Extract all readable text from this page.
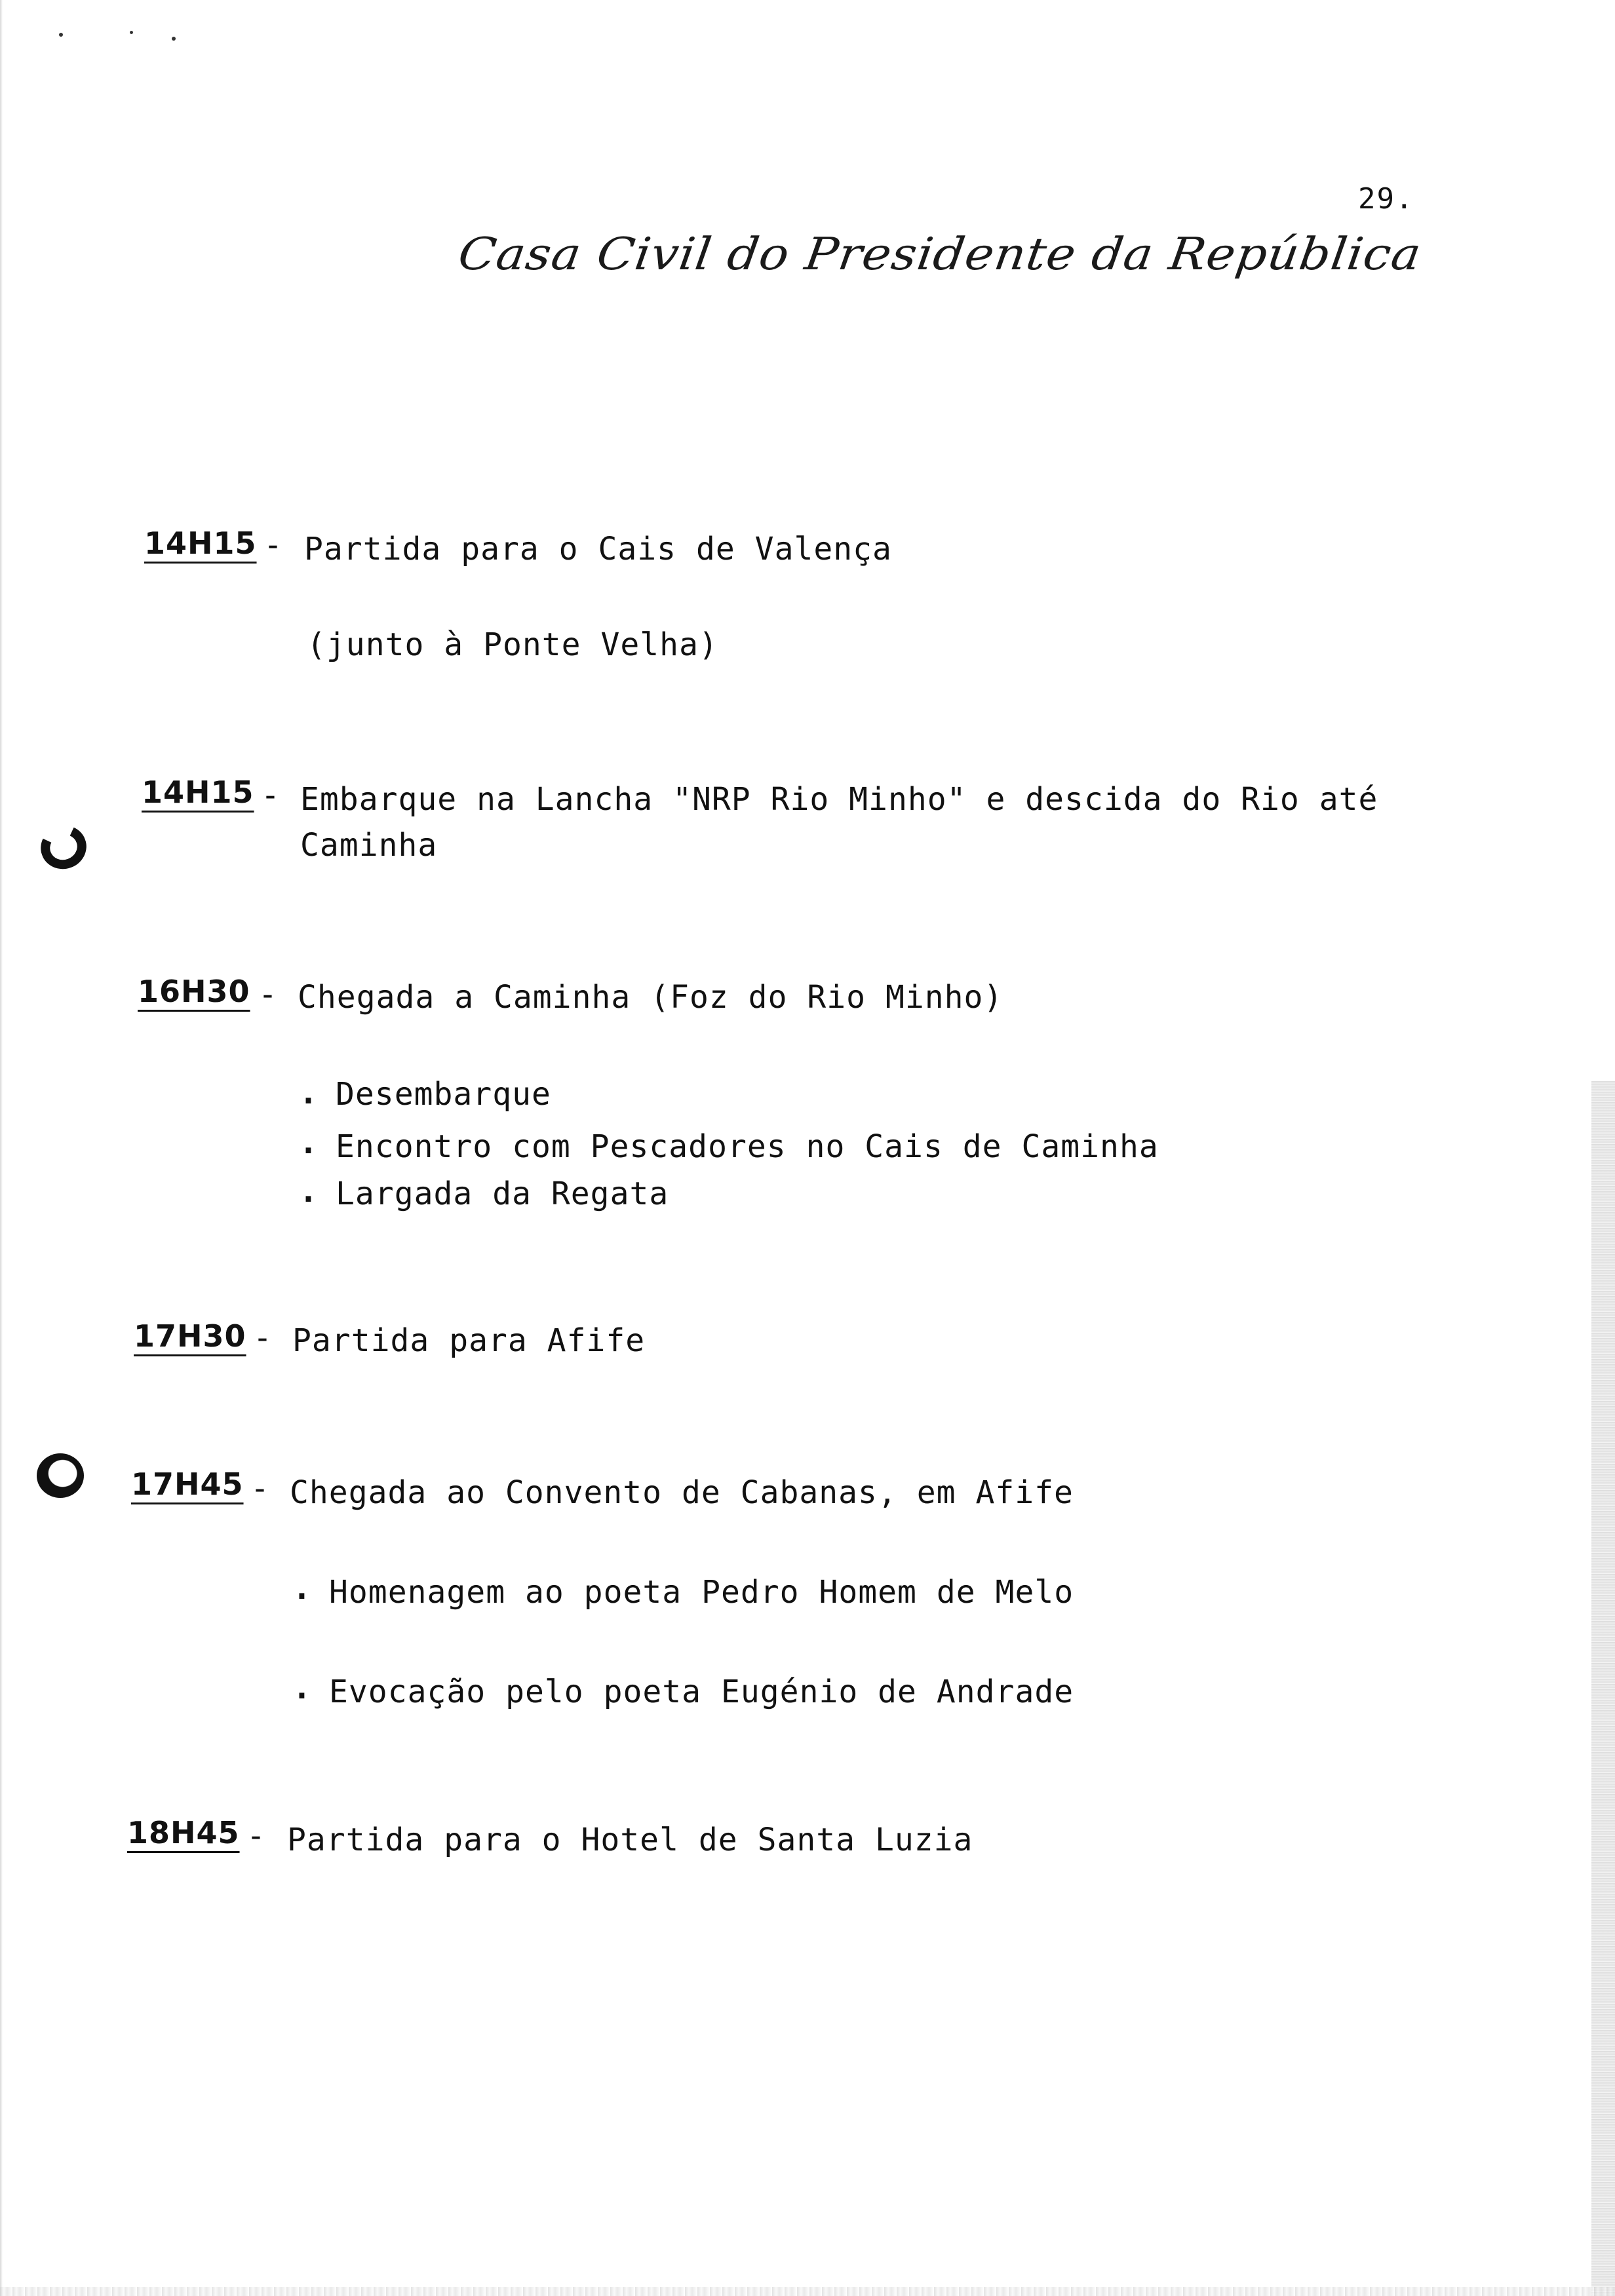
29.
Casa Civil do Presidente da República
14H15 - Partida para o Cais de Valença
(junto à Ponte Velha)
14H15 - Embarque na Lancha "NRP Rio Minho" e descida do Rio até
Caminha
16H30 - Chegada a Caminha (Foz do Rio Minho)
. Desembarque
. Encontro com Pescadores no Cais de Caminha
. Largada da Regata
17H30 - Partida para Afife
17H45 - Chegada ao Convento de Cabanas, em Afife
. Homenagem ao poeta Pedro Homem de Melo
. Evocação pelo poeta Eugénio de Andrade
18H45 - Partida para o Hotel de Santa Luzia
